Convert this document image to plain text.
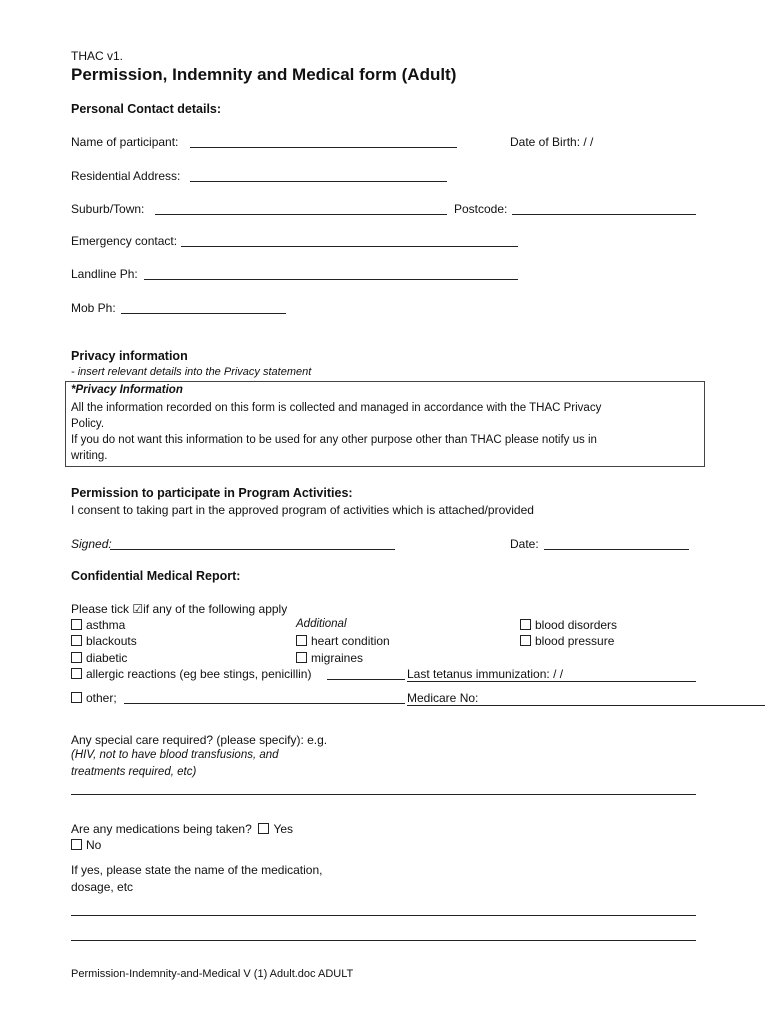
THAC v1.
Permission, Indemnity and Medical form (Adult)
Personal Contact details:
Name of participant:	Date of Birth: / /
Residential Address:
Suburb/Town:	Postcode:
Emergency contact:
Landline Ph:
Mob Ph:
Privacy information
- insert relevant details into the Privacy statement
*Privacy Information
All the information recorded on this form is collected and managed in accordance with the THAC Privacy
Policy.
If you do not want this information to be used for any other purpose other than THAC please notify us in
writing.
Permission to participate in Program Activities:
I consent to taking part in the approved program of activities which is attached/provided
Signed:	Date:
Confidential Medical Report:
Please tick ☑if any of the following apply
asthma
blackouts
diabetic
allergic reactions (eg bee stings, penicillin)
other;
Additional
heart condition
migraines
blood disorders
blood pressure
Last tetanus immunization: / /
Medicare No:
Any special care required? (please specify): e.g.
(HIV, not to have blood transfusions, and
treatments required, etc)
Are any medications being taken? Yes
No
If yes, please state the name of the medication,
dosage, etc
Permission-Indemnity-and-Medical V (1) Adult.doc ADULT
